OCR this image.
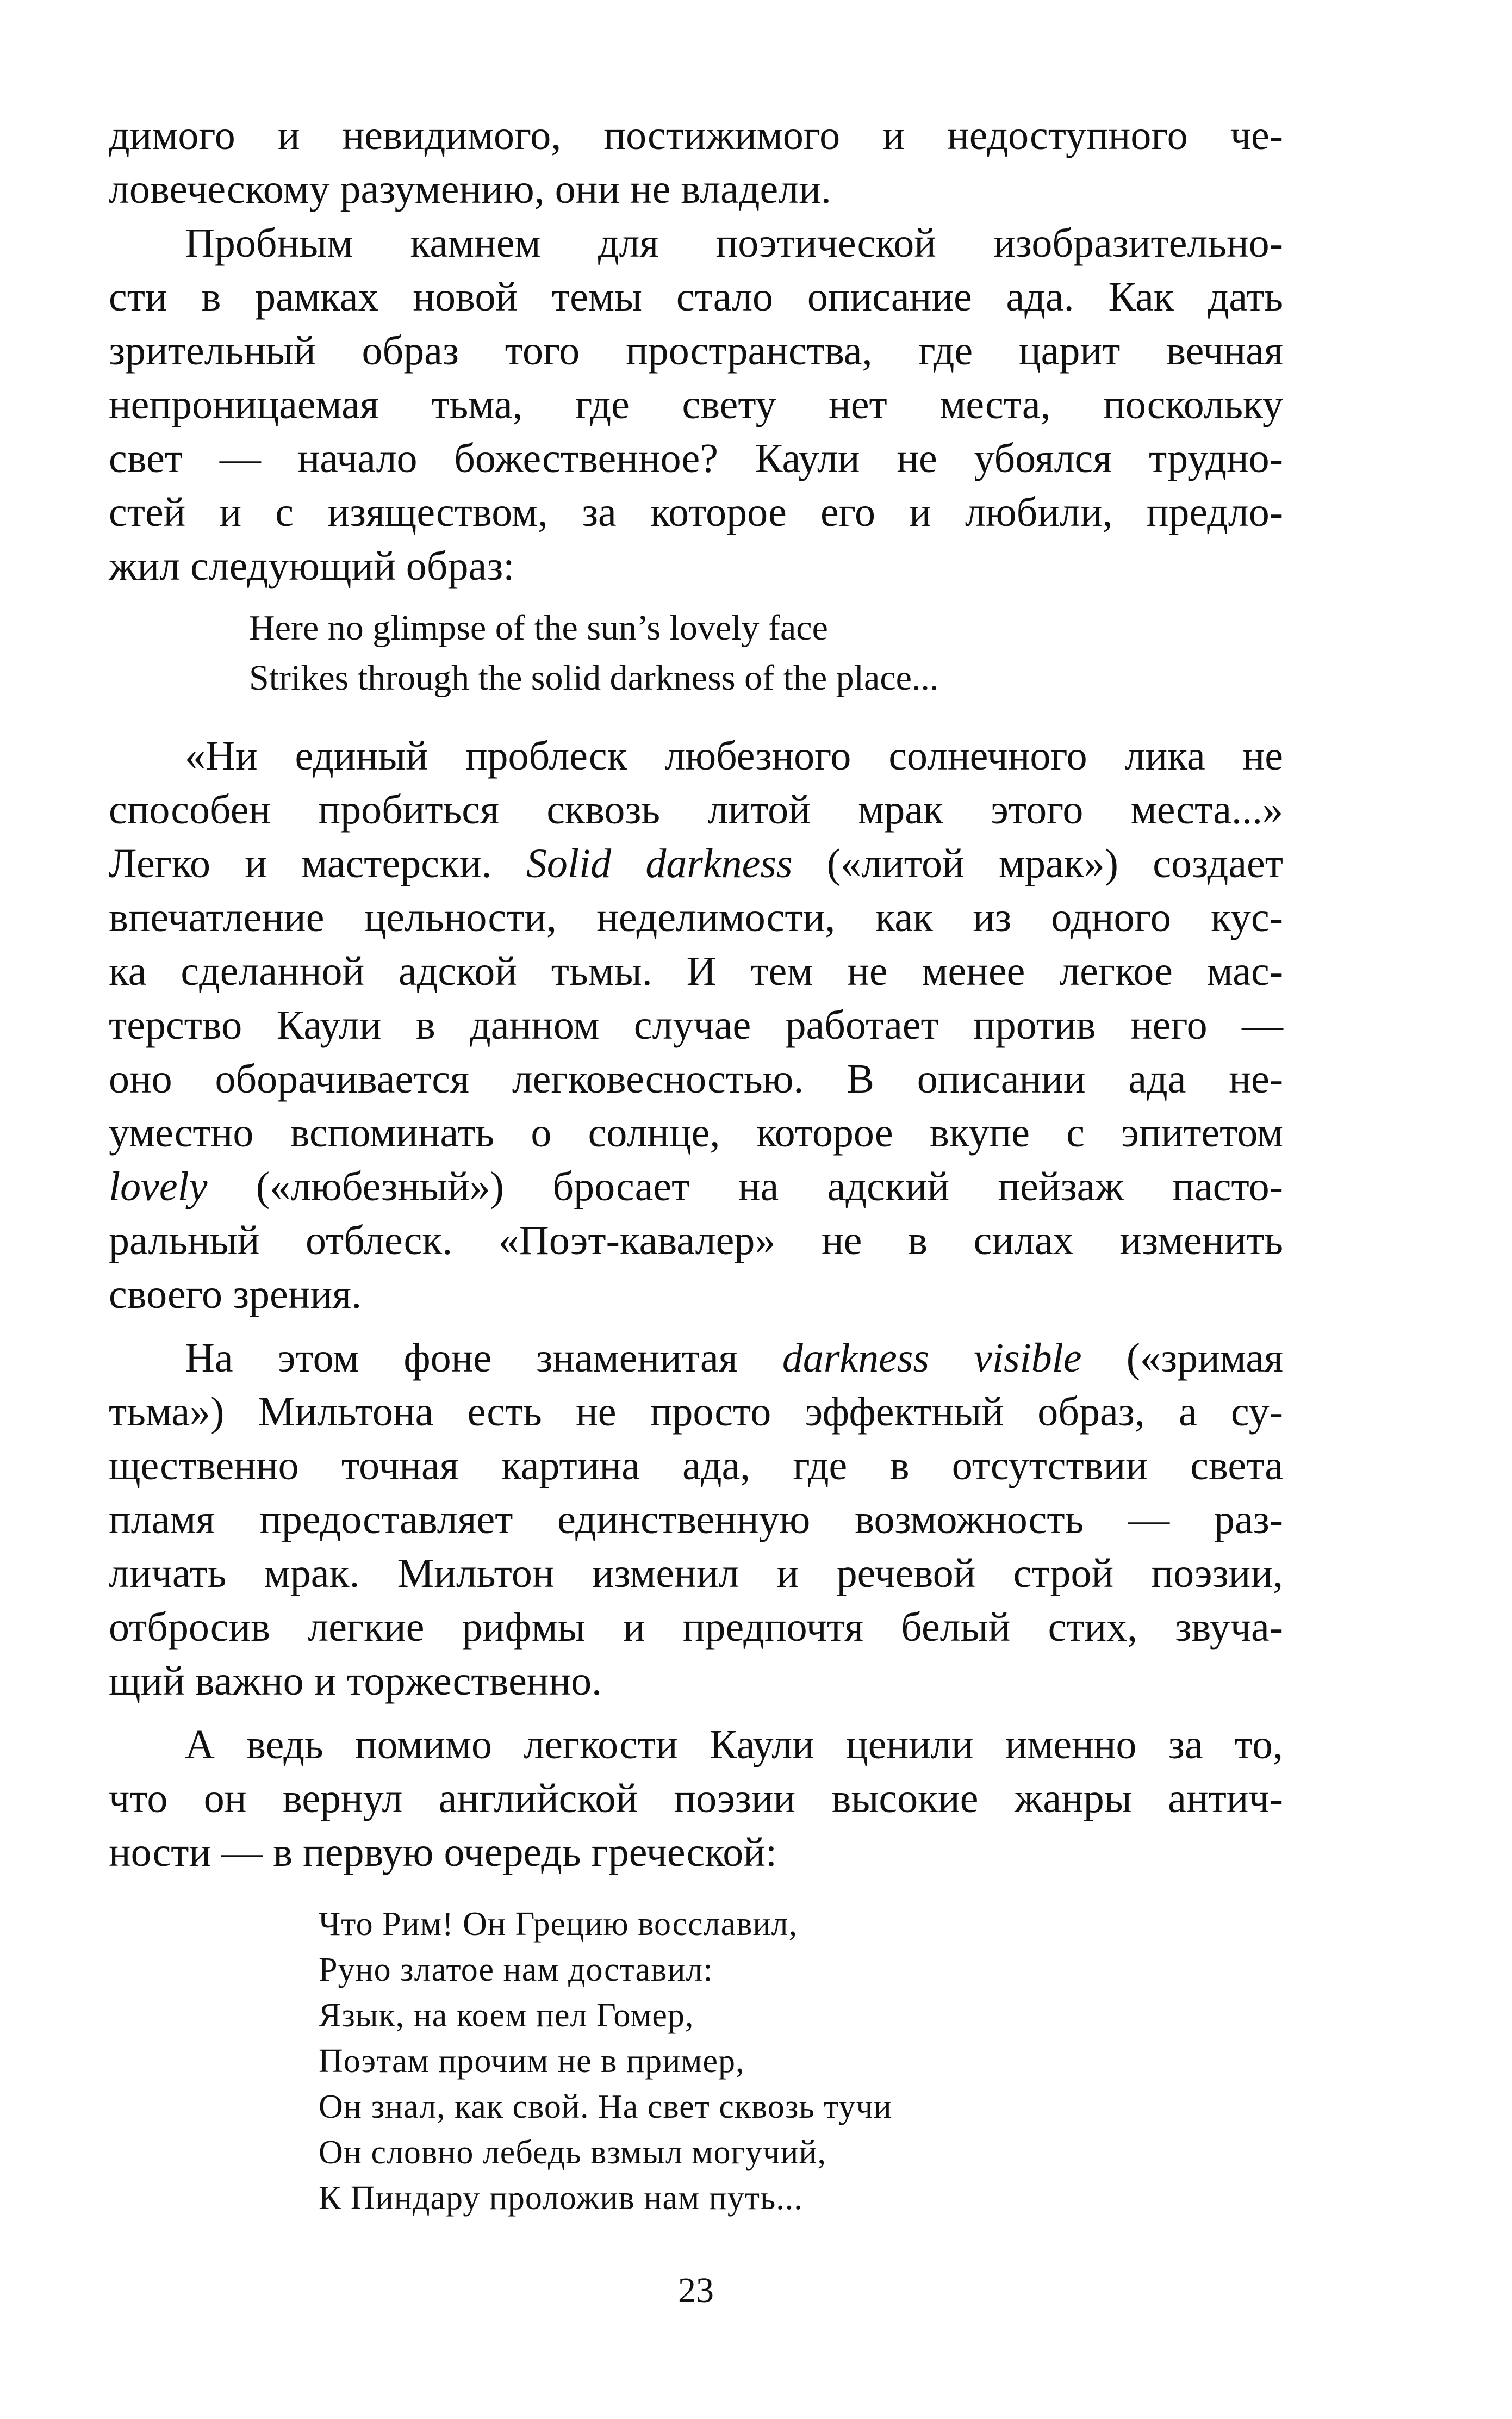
димого и невидимого, постижимого и недоступного че-
ловеческому разумению, они не владели.
Пробным камнем для поэтической изобразительно-
сти в рамках новой темы стало описание ада. Как дать
зрительный образ того пространства, где царит вечная
непроницаемая тьма, где свету нет места, поскольку
свет — начало божественное? Каули не убоялся трудно-
стей и с изяществом, за которое его и любили, предло-
жил следующий образ:
Here no glimpse of the sun’s lovely face
Strikes through the solid darkness of the place...
«Ни единый проблеск любезного солнечного лика не
способен пробиться сквозь литой мрак этого места...»
Легко и мастерски. Solid darkness («литой мрак») создает
впечатление цельности, неделимости, как из одного кус-
ка сделанной адской тьмы. И тем не менее легкое мас-
терство Каули в данном случае работает против него —
оно оборачивается легковесностью. В описании ада не-
уместно вспоминать о солнце, которое вкупе с эпитетом
lovely («любезный») бросает на адский пейзаж пасто-
ральный отблеск. «Поэт-кавалер» не в силах изменить
своего зрения.
На этом фоне знаменитая darkness visible («зримая
тьма») Мильтона есть не просто эффектный образ, а су-
щественно точная картина ада, где в отсутствии света
пламя предоставляет единственную возможность — раз-
личать мрак. Мильтон изменил и речевой строй поэзии,
отбросив легкие рифмы и предпочтя белый стих, звуча-
щий важно и торжественно.
А ведь помимо легкости Каули ценили именно за то,
что он вернул английской поэзии высокие жанры антич-
ности — в первую очередь греческой:
Что Рим! Он Грецию восславил,
Руно златое нам доставил:
Язык, на коем пел Гомер,
Поэтам прочим не в пример,
Он знал, как свой. На свет сквозь тучи
Он словно лебедь взмыл могучий,
К Пиндару проложив нам путь...
23
